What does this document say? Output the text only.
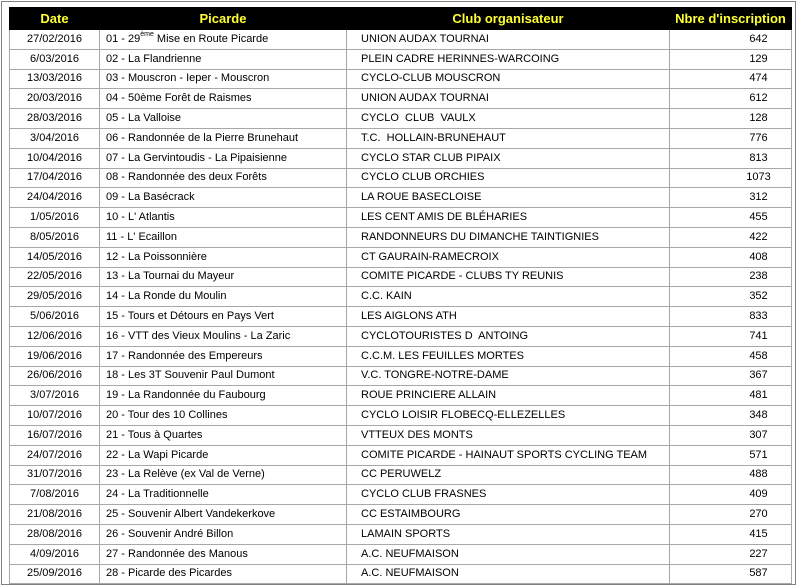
Date	Picarde	Club organisateur	Nbre d'inscription
27/02/2016	01 - 29ème Mise en Route Picarde	UNION AUDAX TOURNAI	642
6/03/2016	02 - La Flandrienne	PLEIN CADRE HERINNES-WARCOING	129
13/03/2016	03 - Mouscron - Ieper - Mouscron	CYCLO-CLUB MOUSCRON	474
20/03/2016	04 - 50ème Forêt de Raismes	UNION AUDAX TOURNAI	612
28/03/2016	05 - La Valloise	CYCLO  CLUB  VAULX	128
3/04/2016	06 - Randonnée de la Pierre Brunehaut	T.C.  HOLLAIN-BRUNEHAUT	776
10/04/2016	07 - La Gervintoudis - La Pipaisienne	CYCLO STAR CLUB PIPAIX	813
17/04/2016	08 - Randonnée des deux Forêts	CYCLO CLUB ORCHIES	1073
24/04/2016	09 - La Basécrack	LA ROUE BASECLOISE	312
1/05/2016	10 - L' Atlantis	LES CENT AMIS DE BLÉHARIES	455
8/05/2016	11 - L' Ecaillon	RANDONNEURS DU DIMANCHE TAINTIGNIES	422
14/05/2016	12 - La Poissonnière	CT GAURAIN-RAMECROIX	408
22/05/2016	13 - La Tournai du Mayeur	COMITE PICARDE - CLUBS TY REUNIS	238
29/05/2016	14 - La Ronde du Moulin	C.C. KAIN	352
5/06/2016	15 - Tours et Détours en Pays Vert	LES AIGLONS ATH	833
12/06/2016	16 - VTT des Vieux Moulins - La Zaric	CYCLOTOURISTES D  ANTOING	741
19/06/2016	17 - Randonnée des Empereurs	C.C.M. LES FEUILLES MORTES	458
26/06/2016	18 - Les 3T Souvenir Paul Dumont	V.C. TONGRE-NOTRE-DAME	367
3/07/2016	19 - La Randonnée du Faubourg	ROUE PRINCIERE ALLAIN	481
10/07/2016	20 - Tour des 10 Collines	CYCLO LOISIR FLOBECQ-ELLEZELLES	348
16/07/2016	21 - Tous à Quartes	VTTEUX DES MONTS	307
24/07/2016	22 - La Wapi Picarde	COMITE PICARDE - HAINAUT SPORTS CYCLING TEAM	571
31/07/2016	23 - La Relève (ex Val de Verne)	CC PERUWELZ	488
7/08/2016	24 - La Traditionnelle	CYCLO CLUB FRASNES	409
21/08/2016	25 - Souvenir Albert Vandekerkove	CC ESTAIMBOURG	270
28/08/2016	26 - Souvenir André Billon	LAMAIN SPORTS	415
4/09/2016	27 - Randonnée des Manous	A.C. NEUFMAISON	227
25/09/2016	28 - Picarde des Picardes	A.C. NEUFMAISON	587
